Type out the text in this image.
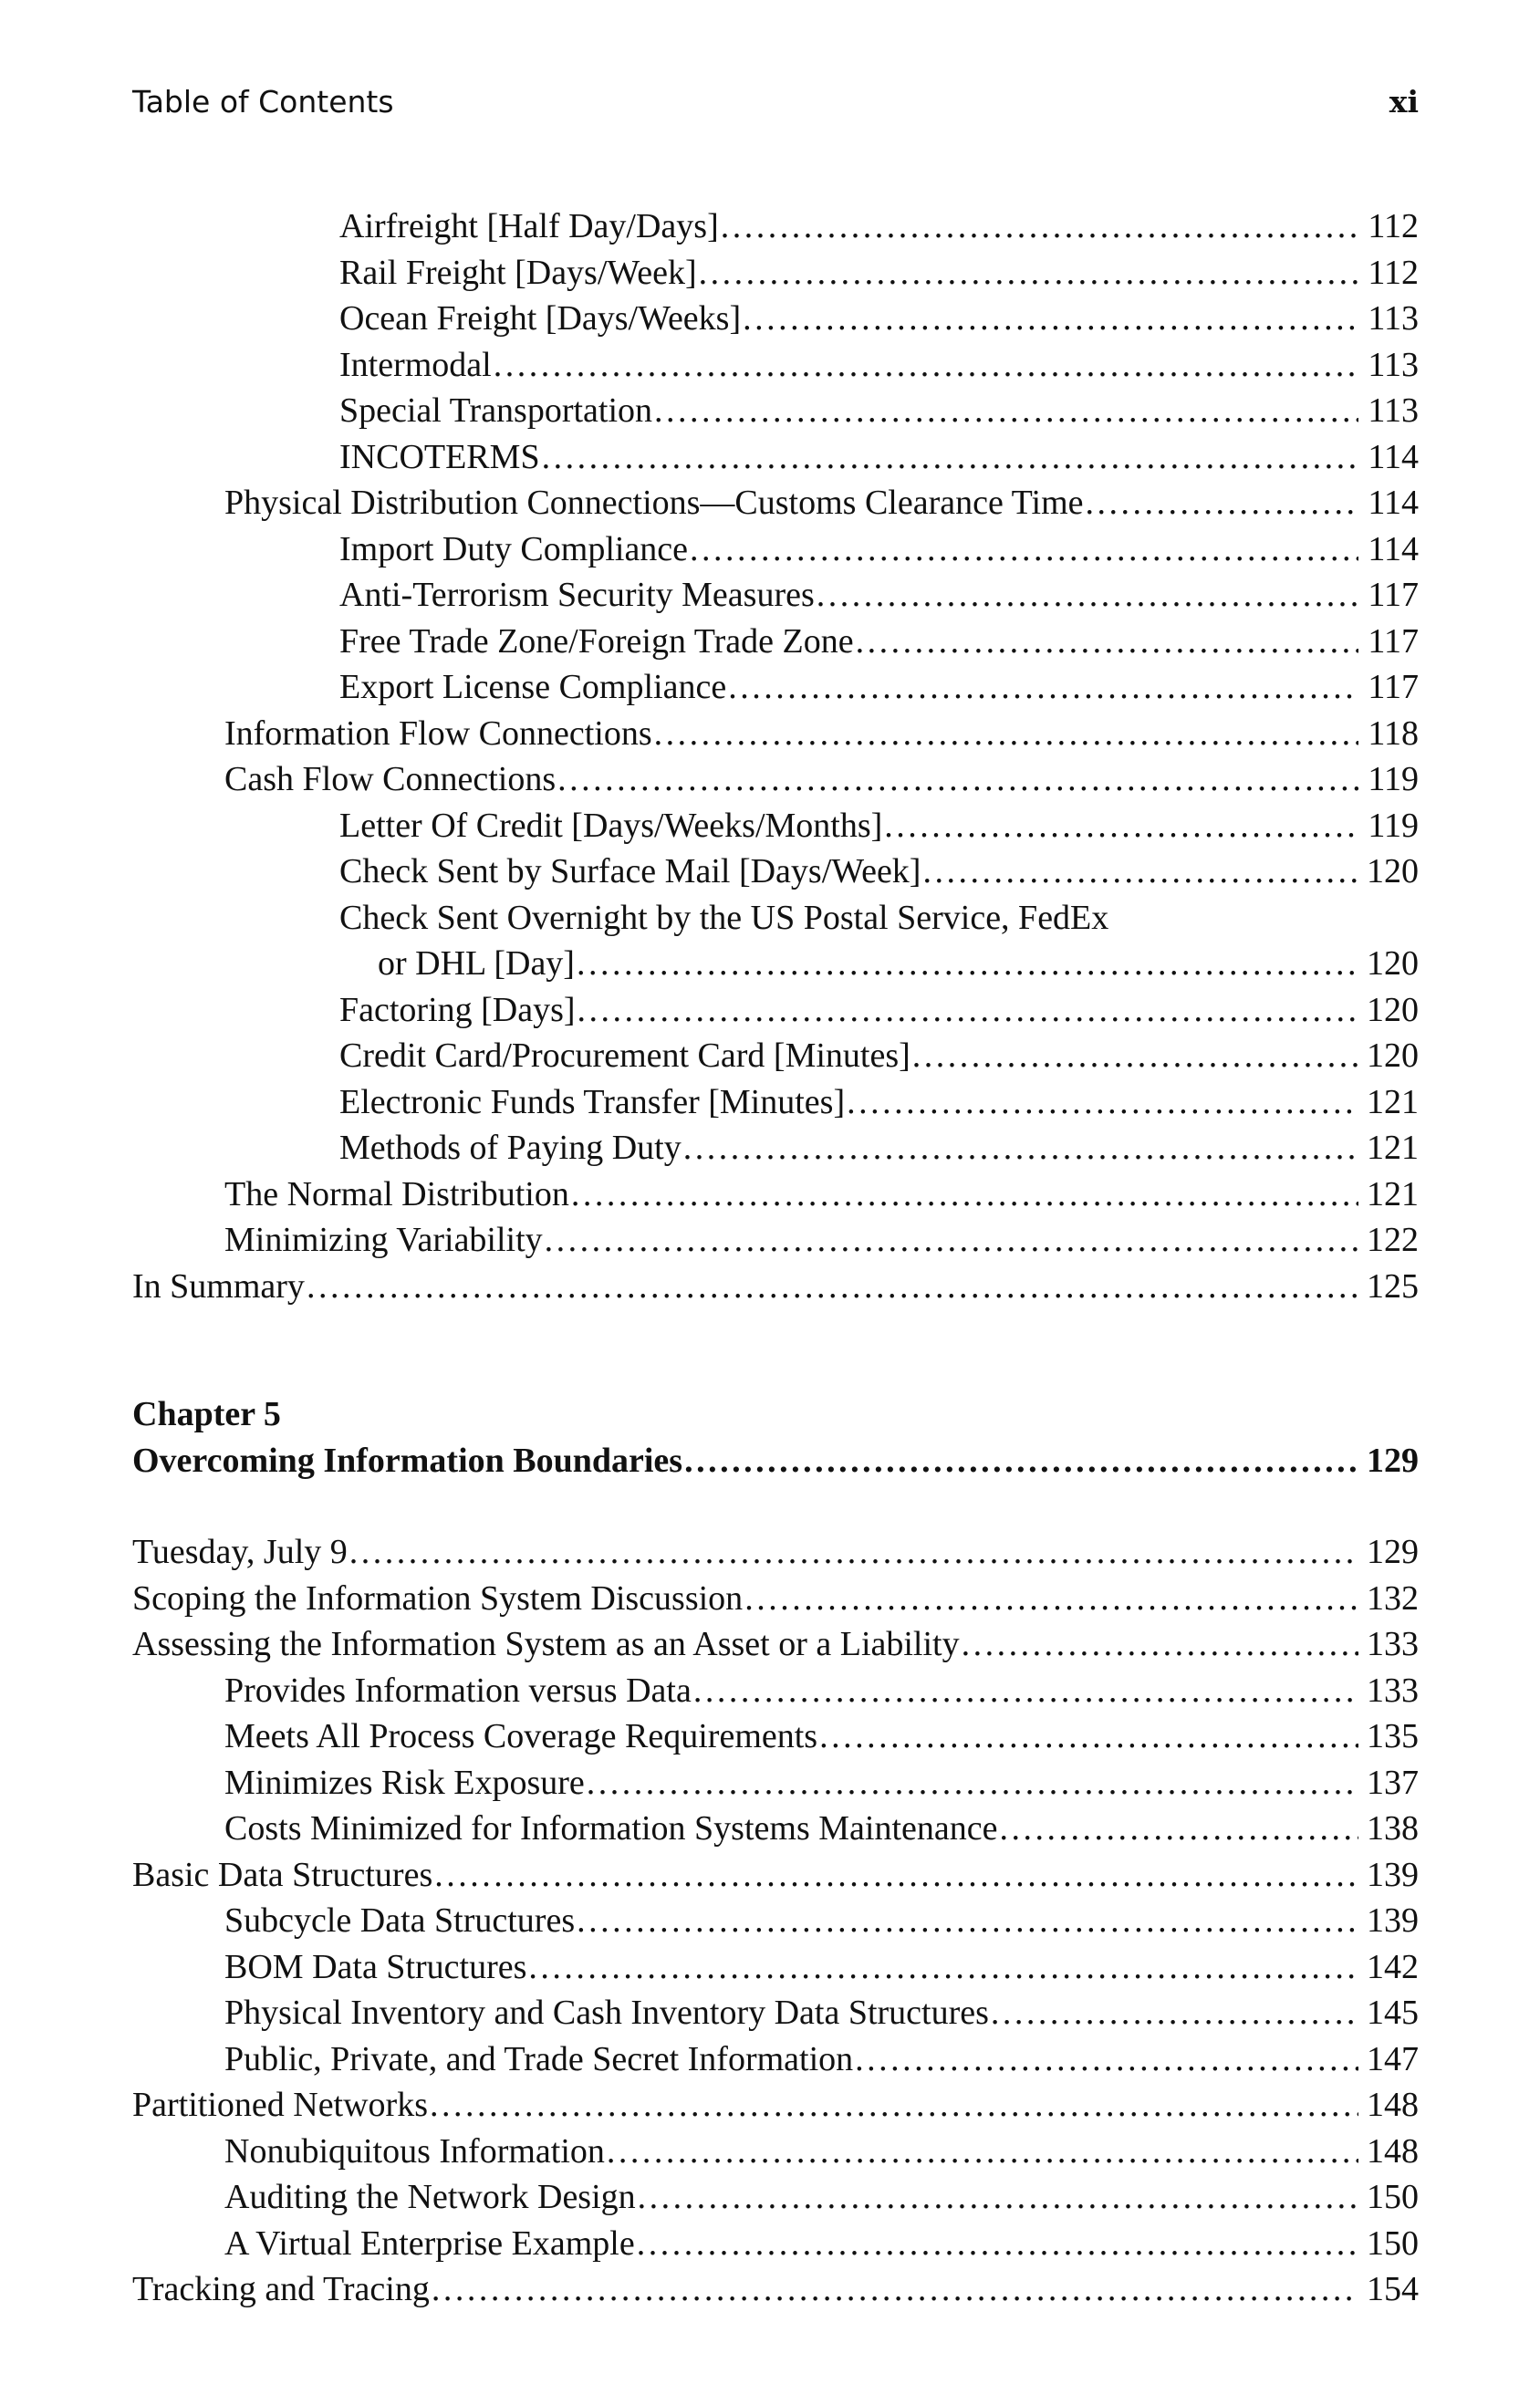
Table of Contents	xi
Airfreight [Half Day/Days] . . .	112
Rail Freight [Days/Week] . . .	112
Ocean Freight [Days/Weeks] . . .	113
Intermodal . . .	113
Special Transportation . . .	113
INCOTERMS . . .	114
Physical Distribution Connections—Customs Clearance Time . . .	114
Import Duty Compliance . . .	114
Anti-Terrorism Security Measures . . .	117
Free Trade Zone/Foreign Trade Zone . . .	117
Export License Compliance . . .	117
Information Flow Connections . . .	118
Cash Flow Connections . . .	119
Letter Of Credit [Days/Weeks/Months] . . .	119
Check Sent by Surface Mail [Days/Week] . . .	120
Check Sent Overnight by the US Postal Service, FedEx
or DHL [Day] . . .	120
Factoring [Days] . . .	120
Credit Card/Procurement Card [Minutes] . . .	120
Electronic Funds Transfer [Minutes] . . .	121
Methods of Paying Duty . . .	121
The Normal Distribution . . .	121
Minimizing Variability . . .	122
In Summary . . .	125
Chapter 5
Overcoming Information Boundaries . . .	129
Tuesday, July 9 . . .	129
Scoping the Information System Discussion . . .	132
Assessing the Information System as an Asset or a Liability . . .	133
Provides Information versus Data . . .	133
Meets All Process Coverage Requirements . . .	135
Minimizes Risk Exposure . . .	137
Costs Minimized for Information Systems Maintenance . . .	138
Basic Data Structures . . .	139
Subcycle Data Structures . . .	139
BOM Data Structures . . .	142
Physical Inventory and Cash Inventory Data Structures . . .	145
Public, Private, and Trade Secret Information . . .	147
Partitioned Networks . . .	148
Nonubiquitous Information . . .	148
Auditing the Network Design . . .	150
A Virtual Enterprise Example . . .	150
Tracking and Tracing . . .	154
